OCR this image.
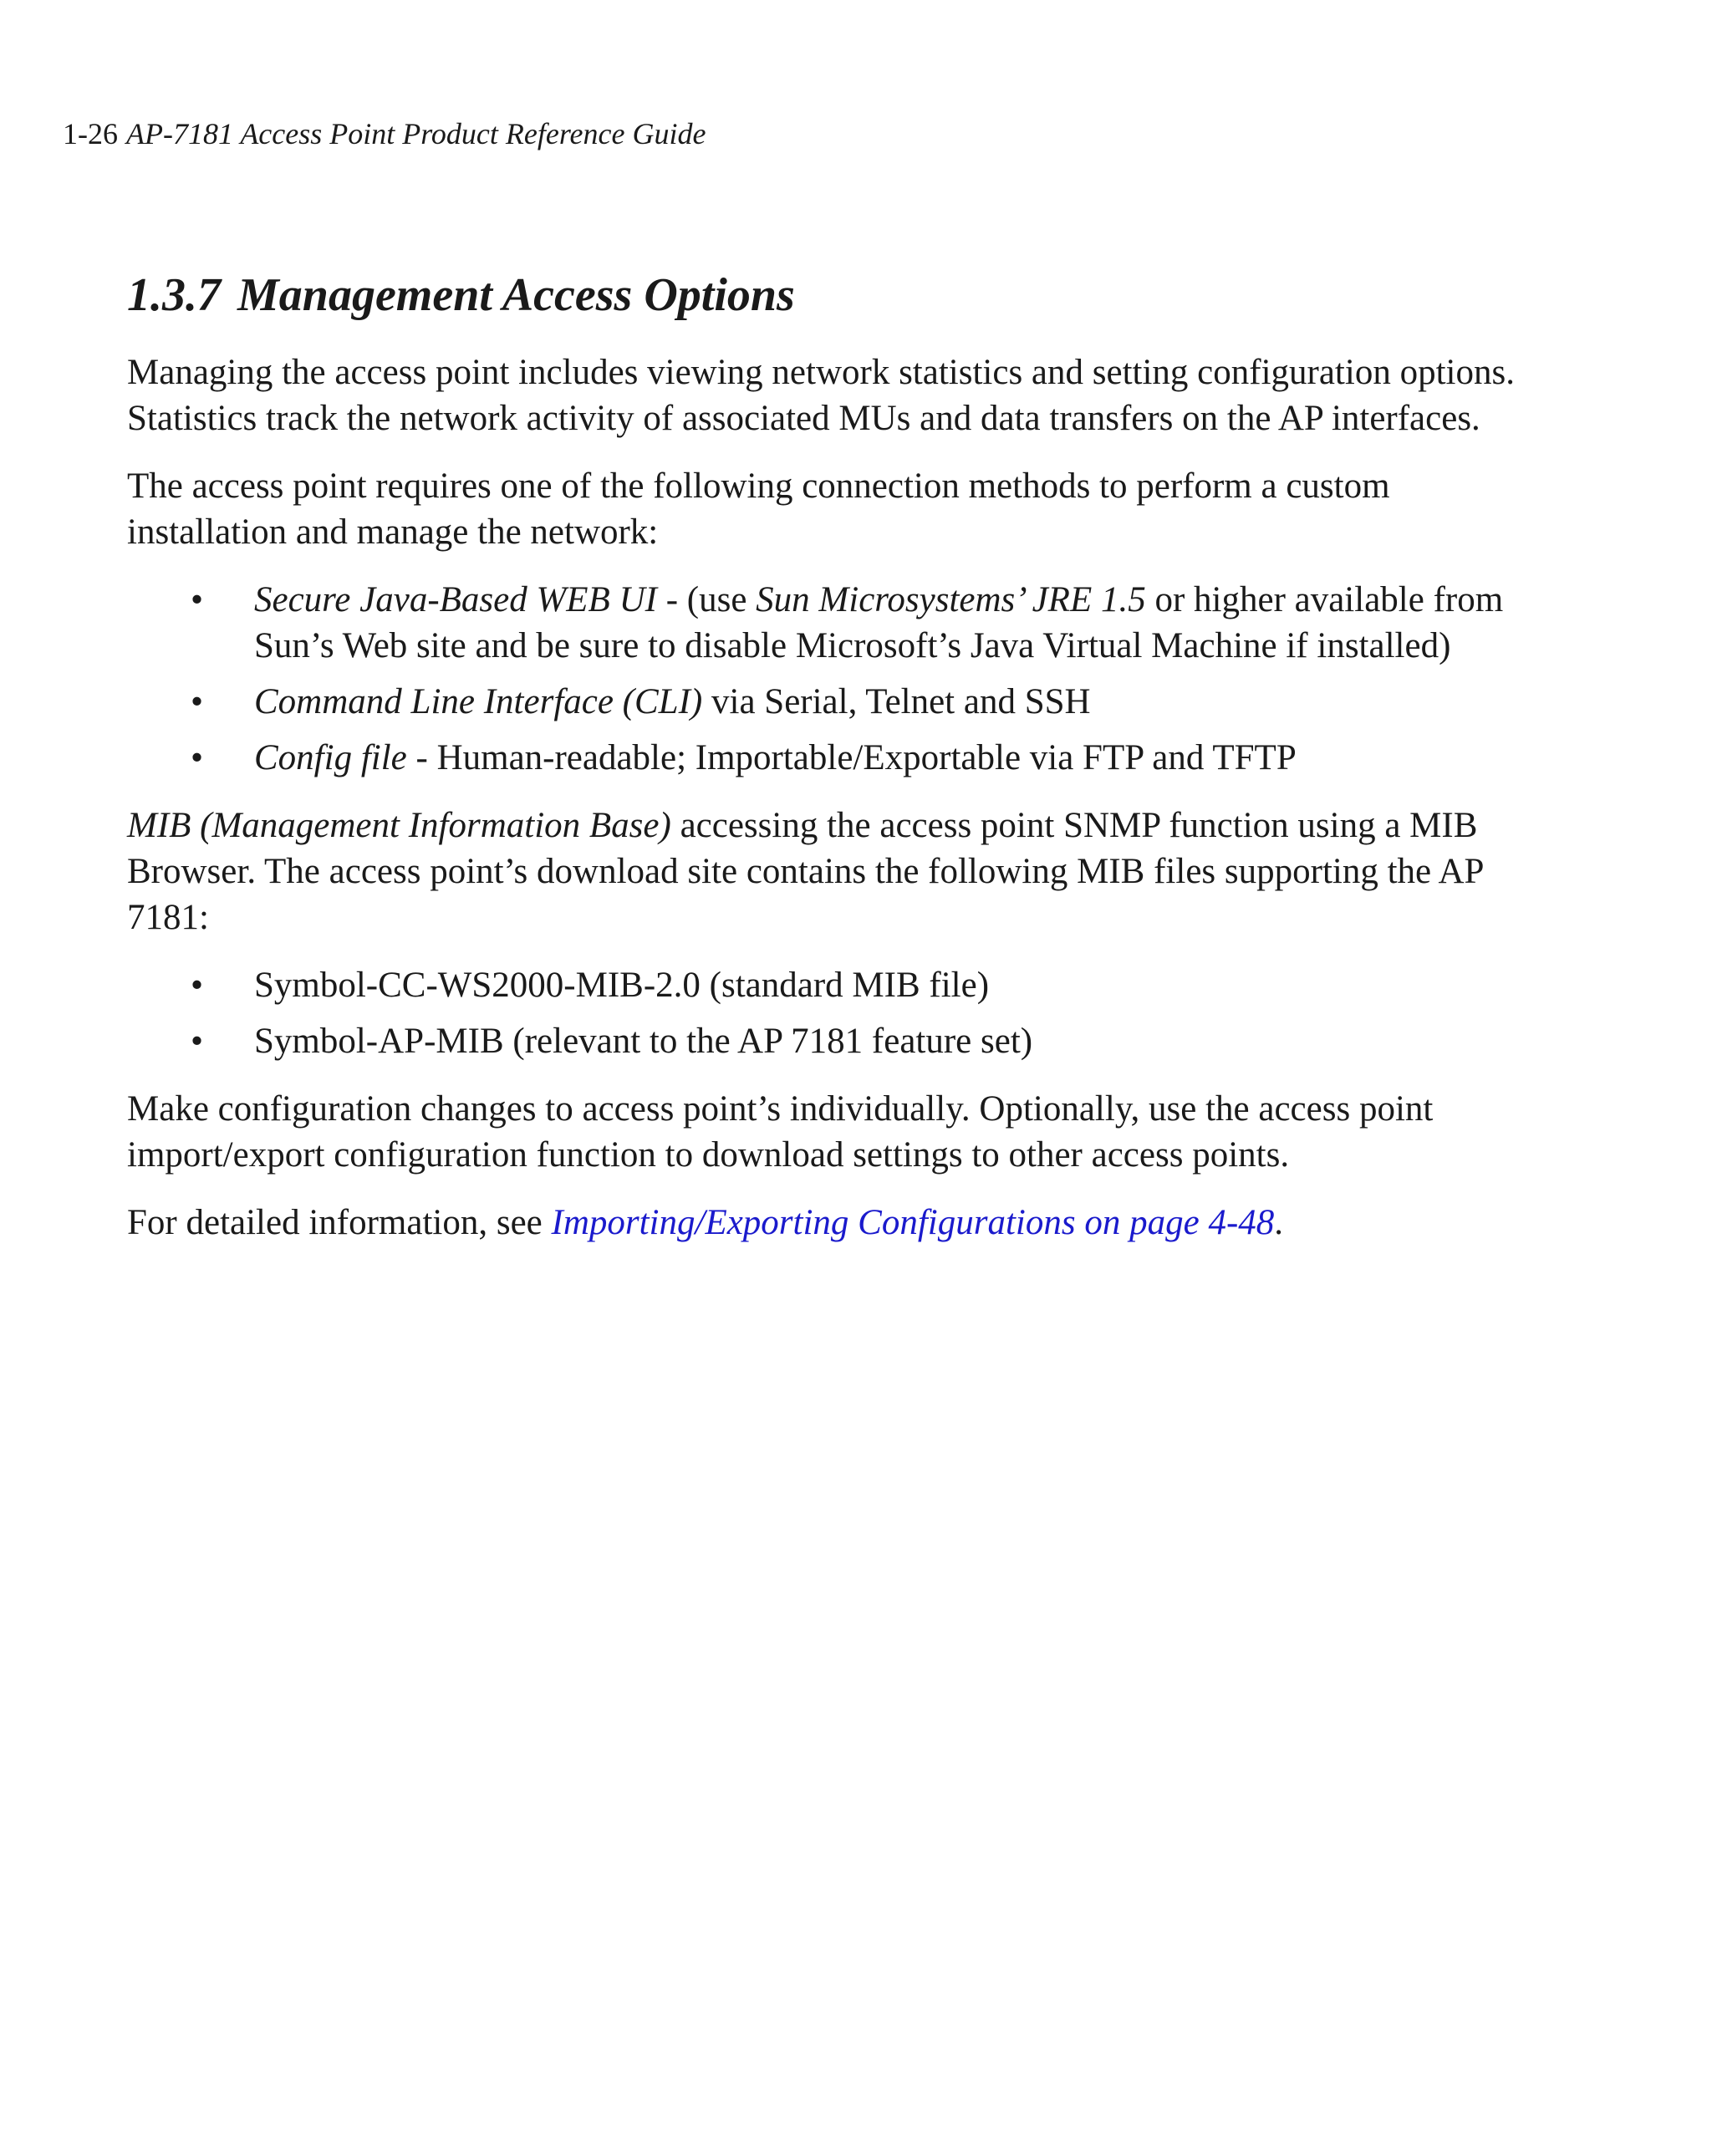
1-26 AP-7181 Access Point Product Reference Guide
1.3.7 Management Access Options

Managing the access point includes viewing network statistics and setting configuration options. Statistics track the network activity of associated MUs and data transfers on the AP interfaces.

The access point requires one of the following connection methods to perform a custom installation and manage the network:

• Secure Java-Based WEB UI - (use Sun Microsystems’ JRE 1.5 or higher available from Sun’s Web site and be sure to disable Microsoft’s Java Virtual Machine if installed)
• Command Line Interface (CLI) via Serial, Telnet and SSH
• Config file - Human-readable; Importable/Exportable via FTP and TFTP

MIB (Management Information Base) accessing the access point SNMP function using a MIB Browser. The access point’s download site contains the following MIB files supporting the AP 7181:

• Symbol-CC-WS2000-MIB-2.0 (standard MIB file)
• Symbol-AP-MIB (relevant to the AP 7181 feature set)

Make configuration changes to access point’s individually. Optionally, use the access point import/export configuration function to download settings to other access points.

For detailed information, see Importing/Exporting Configurations on page 4-48.
